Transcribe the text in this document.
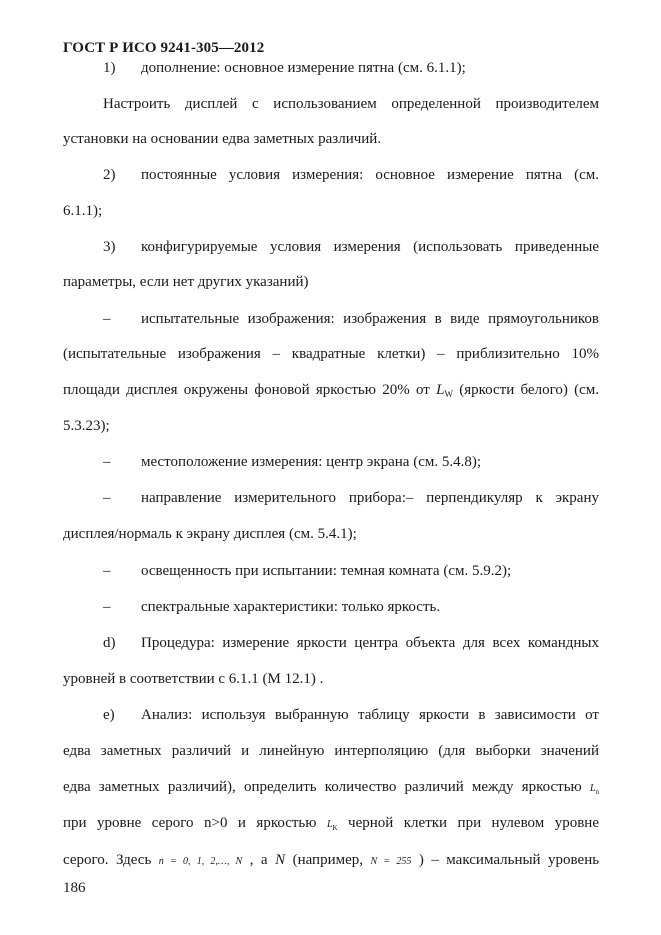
ГОСТ Р ИСО 9241-305—2012
1) дополнение: основное измерение пятна (см. 6.1.1);
Настроить дисплей с использованием определенной производителем
установки на основании едва заметных различий.
2) постоянные условия измерения: основное измерение пятна (см.
6.1.1);
3) конфигурируемые условия измерения (использовать приведенные
параметры, если нет других указаний)
– испытательные изображения: изображения в виде прямоугольников
(испытательные изображения – квадратные клетки) – приблизительно 10%
площади дисплея окружены фоновой яркостью 20% от $L_W$ (яркости белого) (см.
5.3.23);
– местоположение измерения: центр экрана (см. 5.4.8);
– направление измерительного прибора:– перпендикуляр к экрану
дисплея/нормаль к экрану дисплея (см. 5.4.1);
– освещенность при испытании: темная комната (см. 5.9.2);
– спектральные характеристики: только яркость.
d) Процедура: измерение яркости центра объекта для всех командных
уровней в соответствии с 6.1.1 (М 12.1) .
e) Анализ: используя выбранную таблицу яркости в зависимости от
едва заметных различий и линейную интерполяцию (для выборки значений
едва заметных различий), определить количество различий между яркостью $L_n$
при уровне серого n>0 и яркостью $L_K$ черной клетки при нулевом уровне
серого. Здесь n = 0, 1, 2,…, N , а N (например, N = 255 ) – максимальный уровень
186
